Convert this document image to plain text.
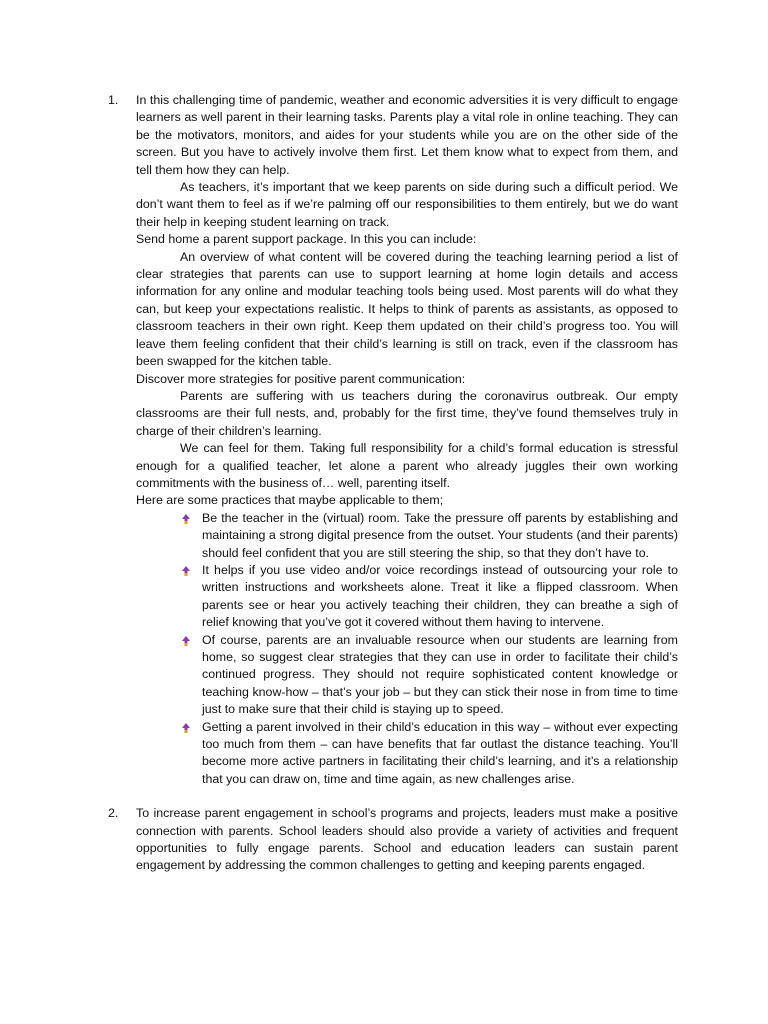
1.	In this challenging time of pandemic, weather and economic adversities it is very difficult to engage learners as well parent in their learning tasks. Parents play a vital role in online teaching. They can be the motivators, monitors, and aides for your students while you are on the other side of the screen. But you have to actively involve them first. Let them know what to expect from them, and tell them how they can help.

As teachers, it’s important that we keep parents on side during such a difficult period. We don’t want them to feel as if we’re palming off our responsibilities to them entirely, but we do want their help in keeping student learning on track.

Send home a parent support package. In this you can include:

An overview of what content will be covered during the teaching learning period a list of clear strategies that parents can use to support learning at home login details and access information for any online and modular teaching tools being used. Most parents will do what they can, but keep your expectations realistic. It helps to think of parents as assistants, as opposed to classroom teachers in their own right. Keep them updated on their child’s progress too. You will leave them feeling confident that their child’s learning is still on track, even if the classroom has been swapped for the kitchen table.

Discover more strategies for positive parent communication:

Parents are suffering with us teachers during the coronavirus outbreak. Our empty classrooms are their full nests, and, probably for the first time, they’ve found themselves truly in charge of their children’s learning.

We can feel for them. Taking full responsibility for a child’s formal education is stressful enough for a qualified teacher, let alone a parent who already juggles their own working commitments with the business of… well, parenting itself.

Here are some practices that maybe applicable to them;

Be the teacher in the (virtual) room. Take the pressure off parents by establishing and maintaining a strong digital presence from the outset. Your students (and their parents) should feel confident that you are still steering the ship, so that they don’t have to.
It helps if you use video and/or voice recordings instead of outsourcing your role to written instructions and worksheets alone. Treat it like a flipped classroom. When parents see or hear you actively teaching their children, they can breathe a sigh of relief knowing that you’ve got it covered without them having to intervene.
Of course, parents are an invaluable resource when our students are learning from home, so suggest clear strategies that they can use in order to facilitate their child’s continued progress. They should not require sophisticated content knowledge or teaching know-how – that’s your job – but they can stick their nose in from time to time just to make sure that their child is staying up to speed.
Getting a parent involved in their child’s education in this way – without ever expecting too much from them – can have benefits that far outlast the distance teaching. You’ll become more active partners in facilitating their child’s learning, and it’s a relationship that you can draw on, time and time again, as new challenges arise.
2.	To increase parent engagement in school’s programs and projects, leaders must make a positive connection with parents. School leaders should also provide a variety of activities and frequent opportunities to fully engage parents. School and education leaders can sustain parent engagement by addressing the common challenges to getting and keeping parents engaged.
